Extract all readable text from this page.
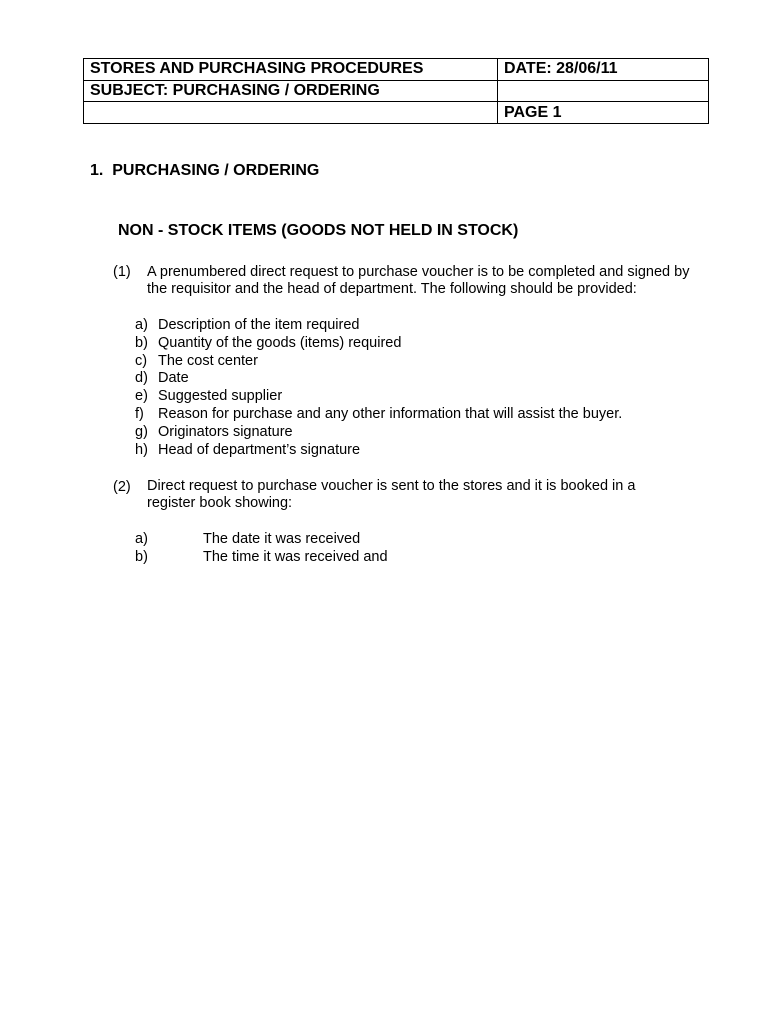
STORES AND PURCHASING PROCEDURES	DATE: 28/06/11
SUBJECT: PURCHASING / ORDERING	
	PAGE 1
1. PURCHASING / ORDERING
NON - STOCK ITEMS (GOODS NOT HELD IN STOCK)
(1) A prenumbered direct request to purchase voucher is to be completed and signed by the requisitor and the head of department. The following should be provided:
a) Description of the item required
b) Quantity of the goods (items) required
c) The cost center
d) Date
e) Suggested supplier
f) Reason for purchase and any other information that will assist the buyer.
g) Originators signature
h) Head of department’s signature
(2) Direct request to purchase voucher is sent to the stores and it is booked in a register book showing:
a)	The date it was received
b)	The time it was received and
